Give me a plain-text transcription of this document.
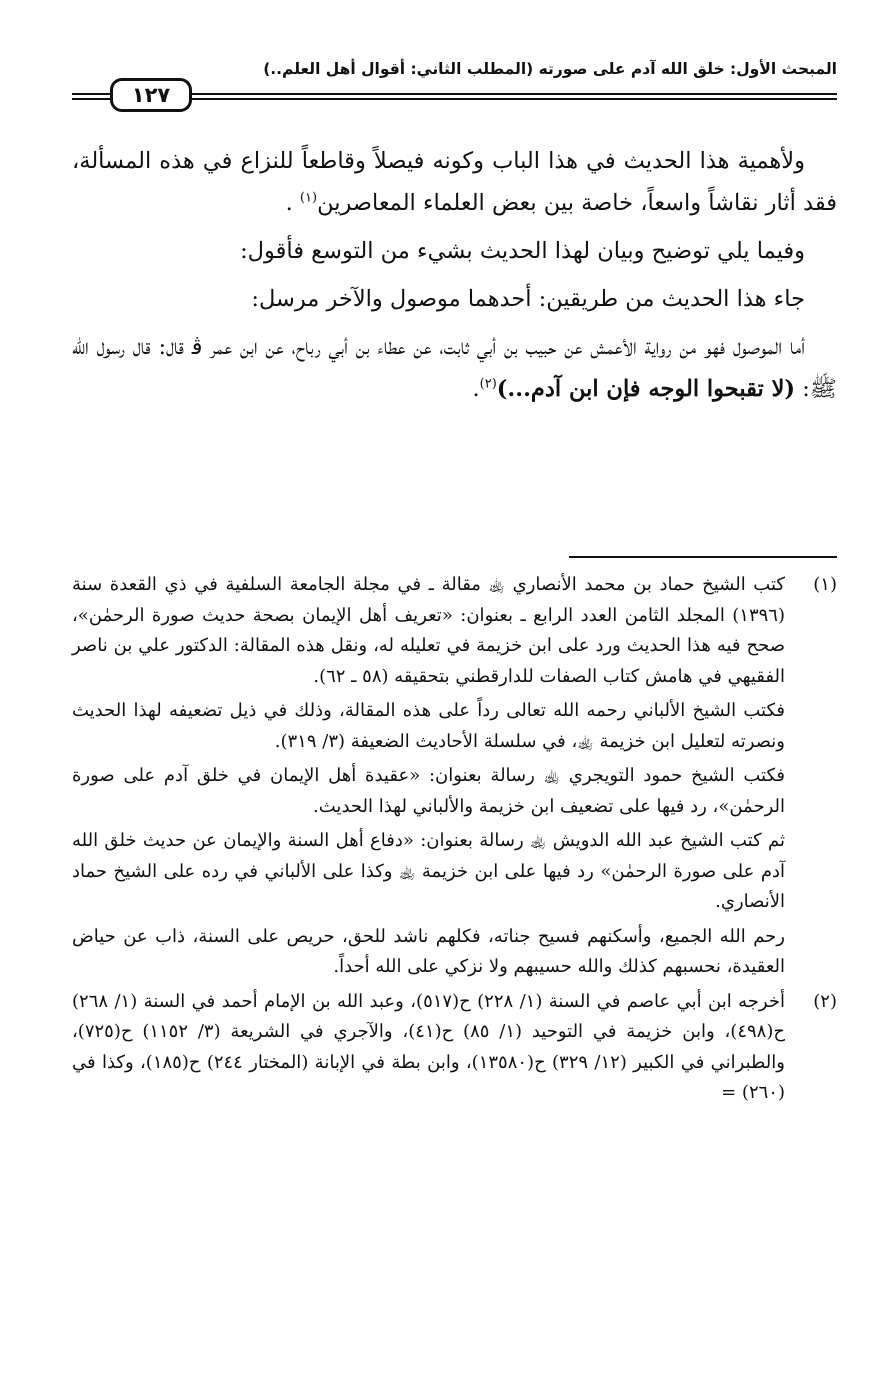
المبحث الأول: خلق الله آدم على صورته (المطلب الثاني: أقوال أهل العلم..)
١٢٧

ولأهمية هذا الحديث في هذا الباب وكونه فيصلاً وقاطعاً للنزاع في هذه المسألة، فقد أثار نقاشاً واسعاً، خاصة بين بعض العلماء المعاصرين$^{(١)}$ .

وفيما يلي توضيح وبيان لهذا الحديث بشيء من التوسع فأقول:

جاء هذا الحديث من طريقين: أحدهما موصول والآخر مرسل:

أما الموصول فهو من رواية الأعمش عن حبيب بن أبي ثابت، عن عطاء بن أبي رباح، عن ابن عمر ﭬ قال: قال رسول الله ﷺ: (لا تقبحوا الوجه فإن ابن آدم...)$^{(٢)}$.

(١)

كتب الشيخ حماد بن محمد الأنصاري ﵀ مقالة ـ في مجلة الجامعة السلفية في ذي القعدة سنة (١٣٩٦) المجلد الثامن العدد الرابع ـ بعنوان: «تعريف أهل الإيمان بصحة حديث صورة الرحمٰن»، صحح فيه هذا الحديث ورد على ابن خزيمة في تعليله له، ونقل هذه المقالة: الدكتور علي بن ناصر الفقيهي في هامش كتاب الصفات للدارقطني بتحقيقه (٥٨ ـ ٦٢).

فكتب الشيخ الألباني رحمه الله تعالى رداً على هذه المقالة، وذلك في ذيل تضعيفه لهذا الحديث ونصرته لتعليل ابن خزيمة ﵀، في سلسلة الأحاديث الضعيفة (٣/ ٣١٩).

فكتب الشيخ حمود التويجري ﵀ رسالة بعنوان: «عقيدة أهل الإيمان في خلق آدم على صورة الرحمٰن»، رد فيها على تضعيف ابن خزيمة والألباني لهذا الحديث.

ثم كتب الشيخ عبد الله الدويش ﵀ رسالة بعنوان: «دفاع أهل السنة والإيمان عن حديث خلق الله آدم على صورة الرحمٰن» رد فيها على ابن خزيمة ﵀ وكذا على الألباني في رده على الشيخ حماد الأنصاري.

رحم الله الجميع، وأسكنهم فسيح جناته، فكلهم ناشد للحق، حريص على السنة، ذاب عن حياض العقيدة، نحسبهم كذلك والله حسيبهم ولا نزكي على الله أحداً.

(٢)

أخرجه ابن أبي عاصم في السنة (١/ ٢٢٨) ح(٥١٧)، وعبد الله بن الإمام أحمد في السنة (١/ ٢٦٨) ح(٤٩٨)، وابن خزيمة في التوحيد (١/ ٨٥) ح(٤١)، والآجري في الشريعة (٣/ ١١٥٢) ح(٧٢٥)، والطبراني في الكبير (١٢/ ٣٢٩) ح(١٣٥٨٠)، وابن بطة في الإبانة (المختار ٢٤٤) ح(١٨٥)، وكذا في (٢٦٠) =
